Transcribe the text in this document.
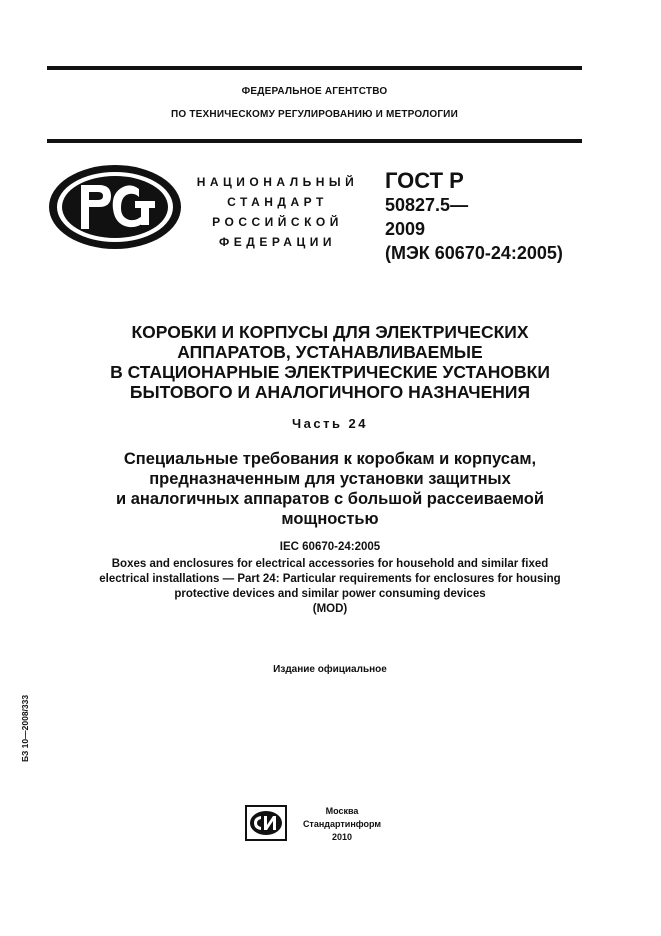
ФЕДЕРАЛЬНОЕ АГЕНТСТВО
ПО ТЕХНИЧЕСКОМУ РЕГУЛИРОВАНИЮ И МЕТРОЛОГИИ
НАЦИОНАЛЬНЫЙ
СТАНДАРТ
РОССИЙСКОЙ
ФЕДЕРАЦИИ
ГОСТ Р
50827.5—
2009
(МЭК 60670-24:2005)
КОРОБКИ И КОРПУСЫ ДЛЯ ЭЛЕКТРИЧЕСКИХ
АППАРАТОВ, УСТАНАВЛИВАЕМЫЕ
В СТАЦИОНАРНЫЕ ЭЛЕКТРИЧЕСКИЕ УСТАНОВКИ
БЫТОВОГО И АНАЛОГИЧНОГО НАЗНАЧЕНИЯ
Часть 24
Специальные требования к коробкам и корпусам,
предназначенным для установки защитных
и аналогичных аппаратов с большой рассеиваемой
мощностью
IEC 60670-24:2005
Boxes and enclosures for electrical accessories for household and similar fixed
electrical installations — Part 24: Particular requirements for enclosures for housing
protective devices and similar power consuming devices
(MOD)
Издание официальное
БЗ 10—2008/333
Москва
Стандартинформ
2010
